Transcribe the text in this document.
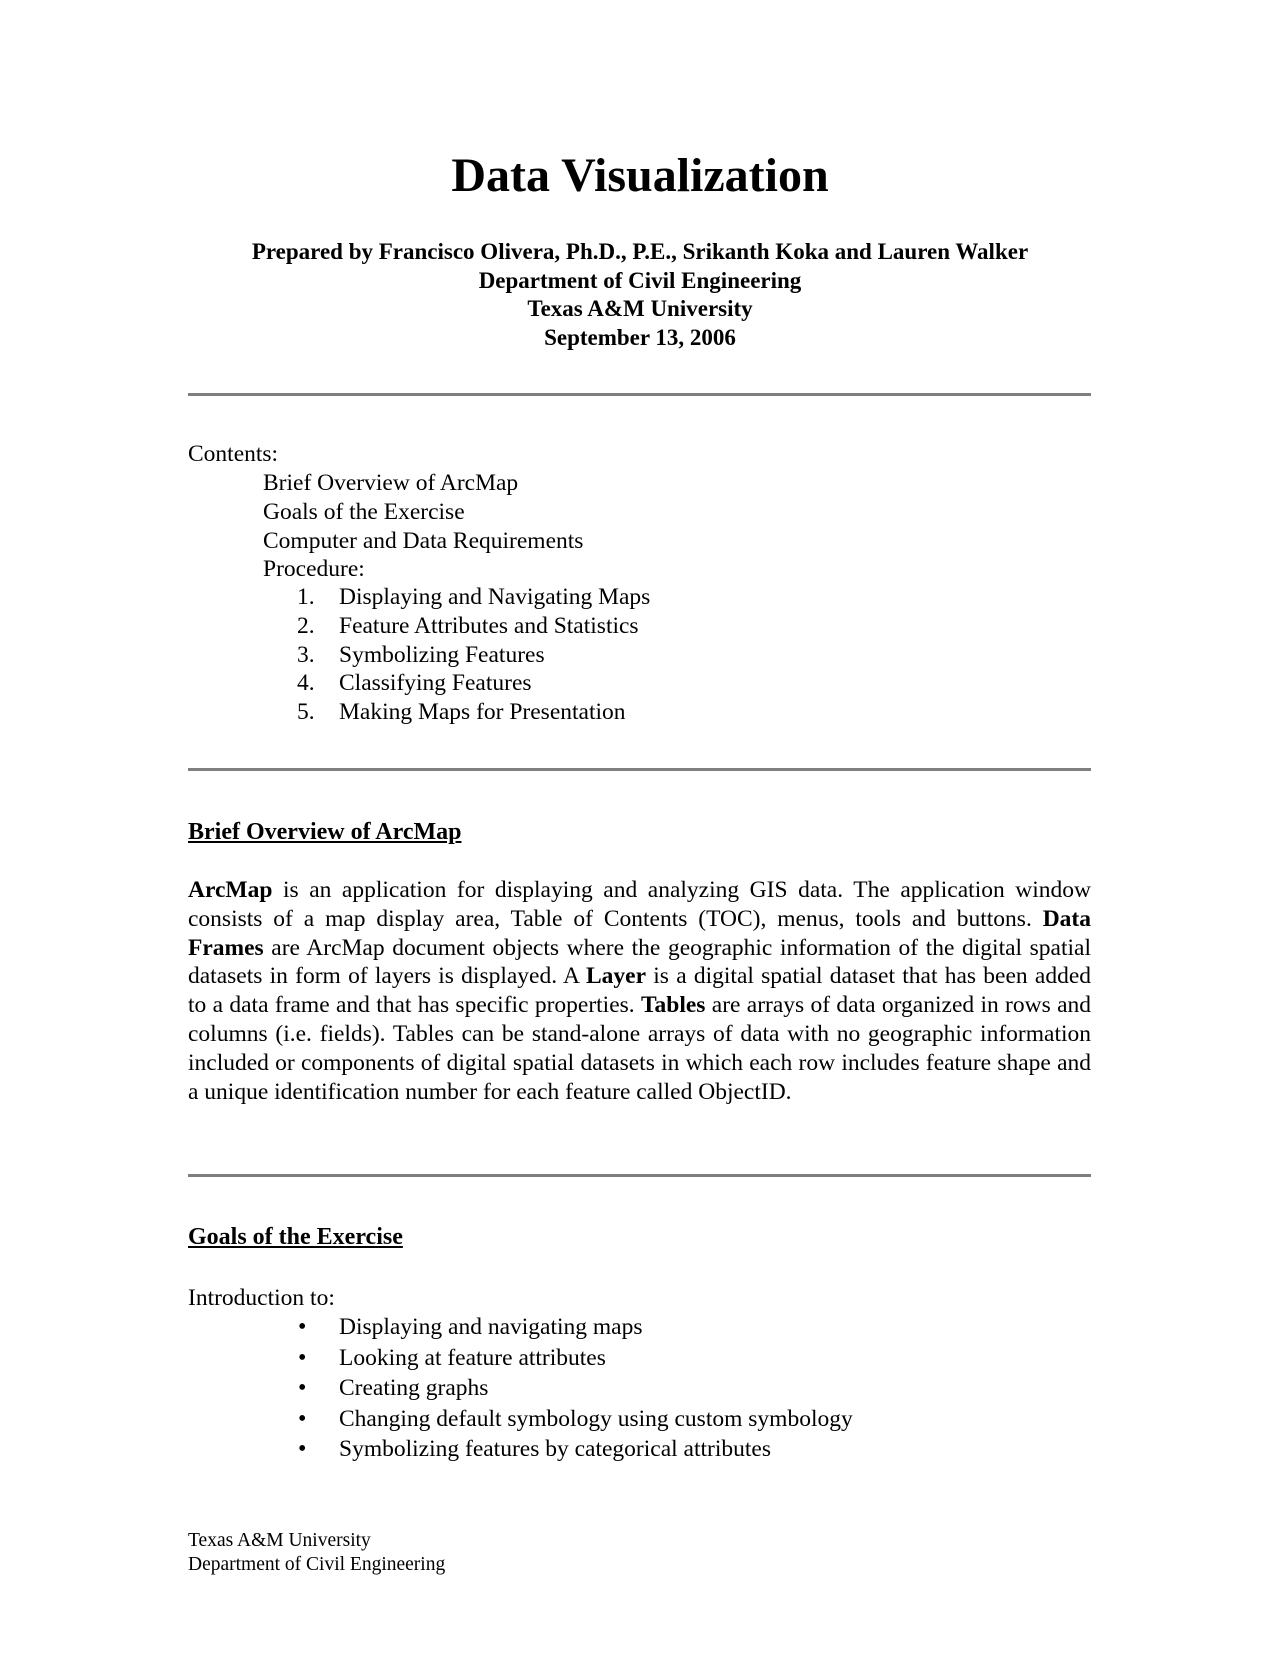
Data Visualization
Prepared by Francisco Olivera, Ph.D., P.E., Srikanth Koka and Lauren Walker
Department of Civil Engineering
Texas A&M University
September 13, 2006
Contents:
Brief Overview of ArcMap
Goals of the Exercise
Computer and Data Requirements
Procedure:
1. Displaying and Navigating Maps
2. Feature Attributes and Statistics
3. Symbolizing Features
4. Classifying Features
5. Making Maps for Presentation
Brief Overview of ArcMap

ArcMap is an application for displaying and analyzing GIS data. The application window consists of a map display area, Table of Contents (TOC), menus, tools and buttons. Data Frames are ArcMap document objects where the geographic information of the digital spatial datasets in form of layers is displayed. A Layer is a digital spatial dataset that has been added to a data frame and that has specific properties. Tables are arrays of data organized in rows and columns (i.e. fields). Tables can be stand-alone arrays of data with no geographic information included or components of digital spatial datasets in which each row includes feature shape and a unique identification number for each feature called ObjectID.

Goals of the Exercise
Introduction to:
• Displaying and navigating maps
• Looking at feature attributes
• Creating graphs
• Changing default symbology using custom symbology
• Symbolizing features by categorical attributes
Texas A&M University
Department of Civil Engineering
